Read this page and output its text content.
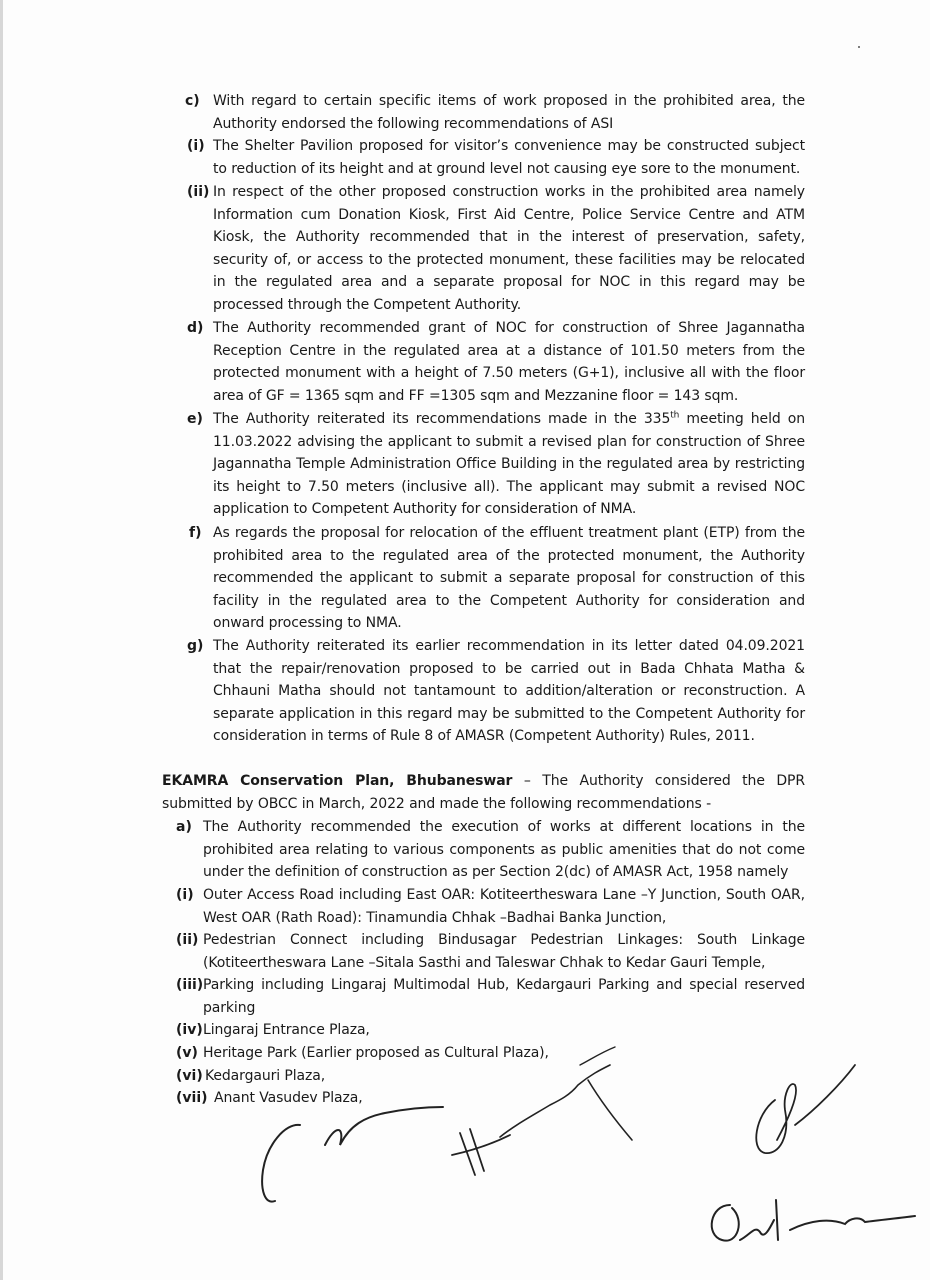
c) With regard to certain specific items of work proposed in the prohibited area, the Authority endorsed the following recommendations of ASI
(i) The Shelter Pavilion proposed for visitor’s convenience may be constructed subject to reduction of its height and at ground level not causing eye sore to the monument.
(ii) In respect of the other proposed construction works in the prohibited area namely Information cum Donation Kiosk, First Aid Centre, Police Service Centre and ATM Kiosk, the Authority recommended that in the interest of preservation, safety, security of, or access to the protected monument, these facilities may be relocated in the regulated area and a separate proposal for NOC in this regard may be processed through the Competent Authority.
d) The Authority recommended grant of NOC for construction of Shree Jagannatha Reception Centre in the regulated area at a distance of 101.50 meters from the protected monument with a height of 7.50 meters (G+1), inclusive all with the floor area of GF = 1365 sqm and FF =1305 sqm and Mezzanine floor = 143 sqm.
e) The Authority reiterated its recommendations made in the 335th meeting held on 11.03.2022 advising the applicant to submit a revised plan for construction of Shree Jagannatha Temple Administration Office Building in the regulated area by restricting its height to 7.50 meters (inclusive all). The applicant may submit a revised NOC application to Competent Authority for consideration of NMA.
f) As regards the proposal for relocation of the effluent treatment plant (ETP) from the prohibited area to the regulated area of the protected monument, the Authority recommended the applicant to submit a separate proposal for construction of this facility in the regulated area to the Competent Authority for consideration and onward processing to NMA.
g) The Authority reiterated its earlier recommendation in its letter dated 04.09.2021 that the repair/renovation proposed to be carried out in Bada Chhata Matha & Chhauni Matha should not tantamount to addition/alteration or reconstruction. A separate application in this regard may be submitted to the Competent Authority for consideration in terms of Rule 8 of AMASR (Competent Authority) Rules, 2011.
EKAMRA Conservation Plan, Bhubaneswar – The Authority considered the DPR submitted by OBCC in March, 2022 and made the following recommendations -
a) The Authority recommended the execution of works at different locations in the prohibited area relating to various components as public amenities that do not come under the definition of construction as per Section 2(dc) of AMASR Act, 1958 namely
(i) Outer Access Road including East OAR: Kotiteertheswara Lane –Y Junction, South OAR, West OAR (Rath Road): Tinamundia Chhak –Badhai Banka Junction,
(ii) Pedestrian Connect including Bindusagar Pedestrian Linkages: South Linkage (Kotiteertheswara Lane –Sitala Sasthi and Taleswar Chhak to Kedar Gauri Temple,
(iii) Parking including Lingaraj Multimodal Hub, Kedargauri Parking and special reserved parking
(iv) Lingaraj Entrance Plaza,
(v) Heritage Park (Earlier proposed as Cultural Plaza),
(vi) Kedargauri Plaza,
(vii) Anant Vasudev Plaza,
